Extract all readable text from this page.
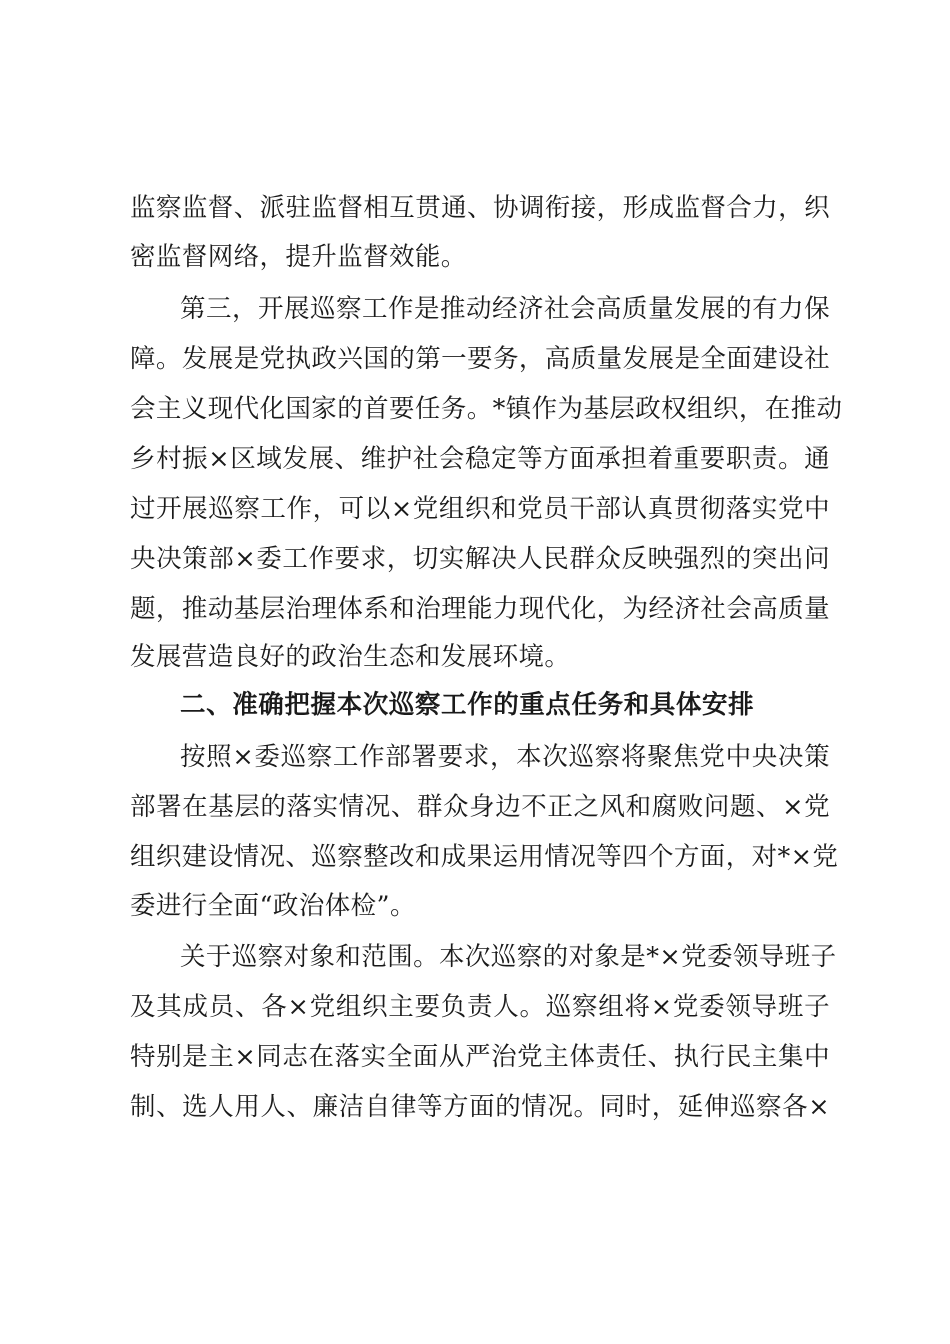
监察监督、派驻监督相互贯通、协调衔接，形成监督合力，织
密监督网络，提升监督效能。
第三，开展巡察工作是推动经济社会高质量发展的有力保
障。发展是党执政兴国的第一要务，高质量发展是全面建设社
会主义现代化国家的首要任务。*镇作为基层政权组织，在推动
乡村振×区域发展、维护社会稳定等方面承担着重要职责。通
过开展巡察工作，可以×党组织和党员干部认真贯彻落实党中
央决策部×委工作要求，切实解决人民群众反映强烈的突出问
题，推动基层治理体系和治理能力现代化，为经济社会高质量
发展营造良好的政治生态和发展环境。
二、准确把握本次巡察工作的重点任务和具体安排
按照×委巡察工作部署要求，本次巡察将聚焦党中央决策
部署在基层的落实情况、群众身边不正之风和腐败问题、×党
组织建设情况、巡察整改和成果运用情况等四个方面，对*×党
委进行全面“政治体检”。
关于巡察对象和范围。本次巡察的对象是*×党委领导班子
及其成员、各×党组织主要负责人。巡察组将×党委领导班子
特别是主×同志在落实全面从严治党主体责任、执行民主集中
制、选人用人、廉洁自律等方面的情况。同时，延伸巡察各×
